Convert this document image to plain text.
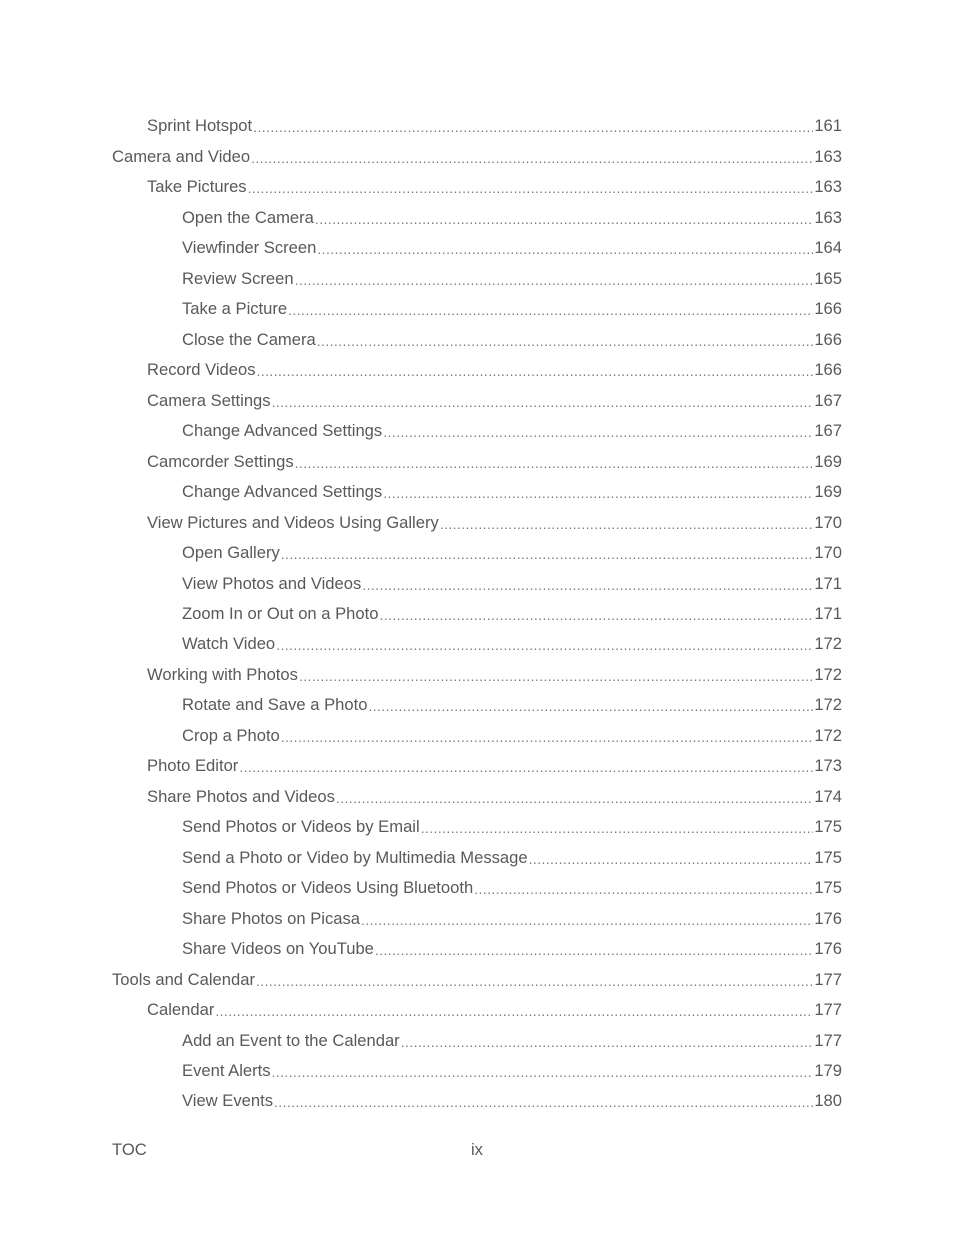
Sprint Hotspot .....	161
Camera and Video .....	163
Take Pictures .....	163
Open the Camera .....	163
Viewfinder Screen .....	164
Review Screen .....	165
Take a Picture .....	166
Close the Camera .....	166
Record Videos .....	166
Camera Settings .....	167
Change Advanced Settings .....	167
Camcorder Settings .....	169
Change Advanced Settings .....	169
View Pictures and Videos Using Gallery .....	170
Open Gallery .....	170
View Photos and Videos .....	171
Zoom In or Out on a Photo .....	171
Watch Video .....	172
Working with Photos .....	172
Rotate and Save a Photo .....	172
Crop a Photo .....	172
Photo Editor .....	173
Share Photos and Videos .....	174
Send Photos or Videos by Email .....	175
Send a Photo or Video by Multimedia Message .....	175
Send Photos or Videos Using Bluetooth .....	175
Share Photos on Picasa .....	176
Share Videos on YouTube .....	176
Tools and Calendar .....	177
Calendar .....	177
Add an Event to the Calendar .....	177
Event Alerts .....	179
View Events .....	180
TOC	ix
